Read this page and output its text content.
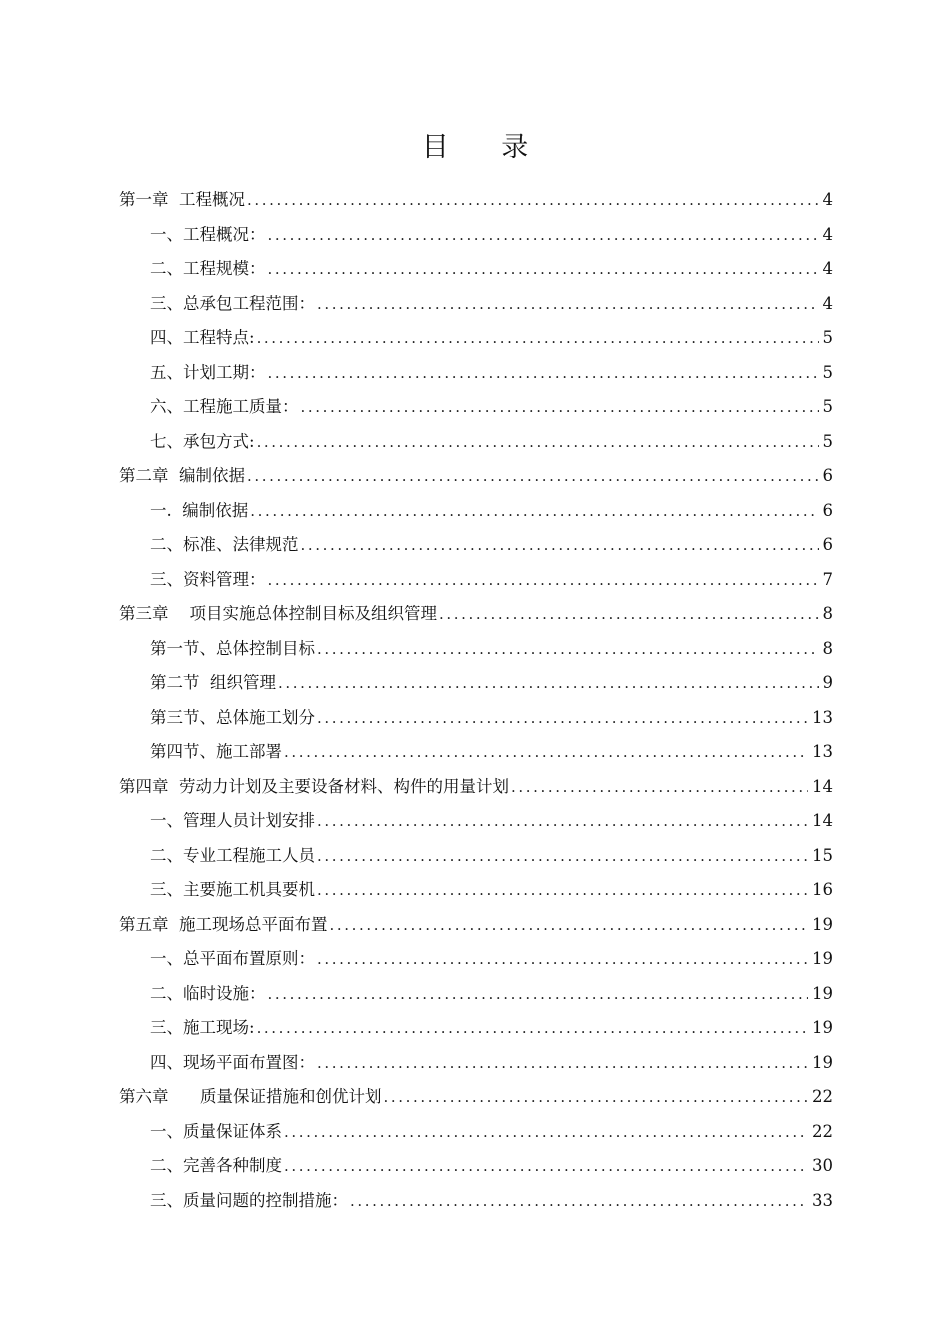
目 录
第一章  工程概况 .....	4
一、工程概况： .....	4
二、工程规模： .....	4
三、总承包工程范围： .....	4
四、工程特点: .....	5
五、计划工期： .....	5
六、工程施工质量： .....	5
七、承包方式: .....	5
第二章  编制依据 .....	6
一.  编制依据 .....	6
二、标准、法律规范 .....	6
三、资料管理： .....	7
第三章    项目实施总体控制目标及组织管理 .....	8
第一节、总体控制目标 .....	8
第二节  组织管理 .....	9
第三节、总体施工划分 .....	13
第四节、施工部署 .....	13
第四章  劳动力计划及主要设备材料、构件的用量计划 .....	14
一、管理人员计划安排 .....	14
二、专业工程施工人员 .....	15
三、主要施工机具要机 .....	16
第五章  施工现场总平面布置 .....	19
一、总平面布置原则： .....	19
二、临时设施： .....	19
三、施工现场: .....	19
四、现场平面布置图： .....	19
第六章      质量保证措施和创优计划 .....	22
一、质量保证体系 .....	22
二、完善各种制度 .....	30
三、质量问题的控制措施： .....	33
